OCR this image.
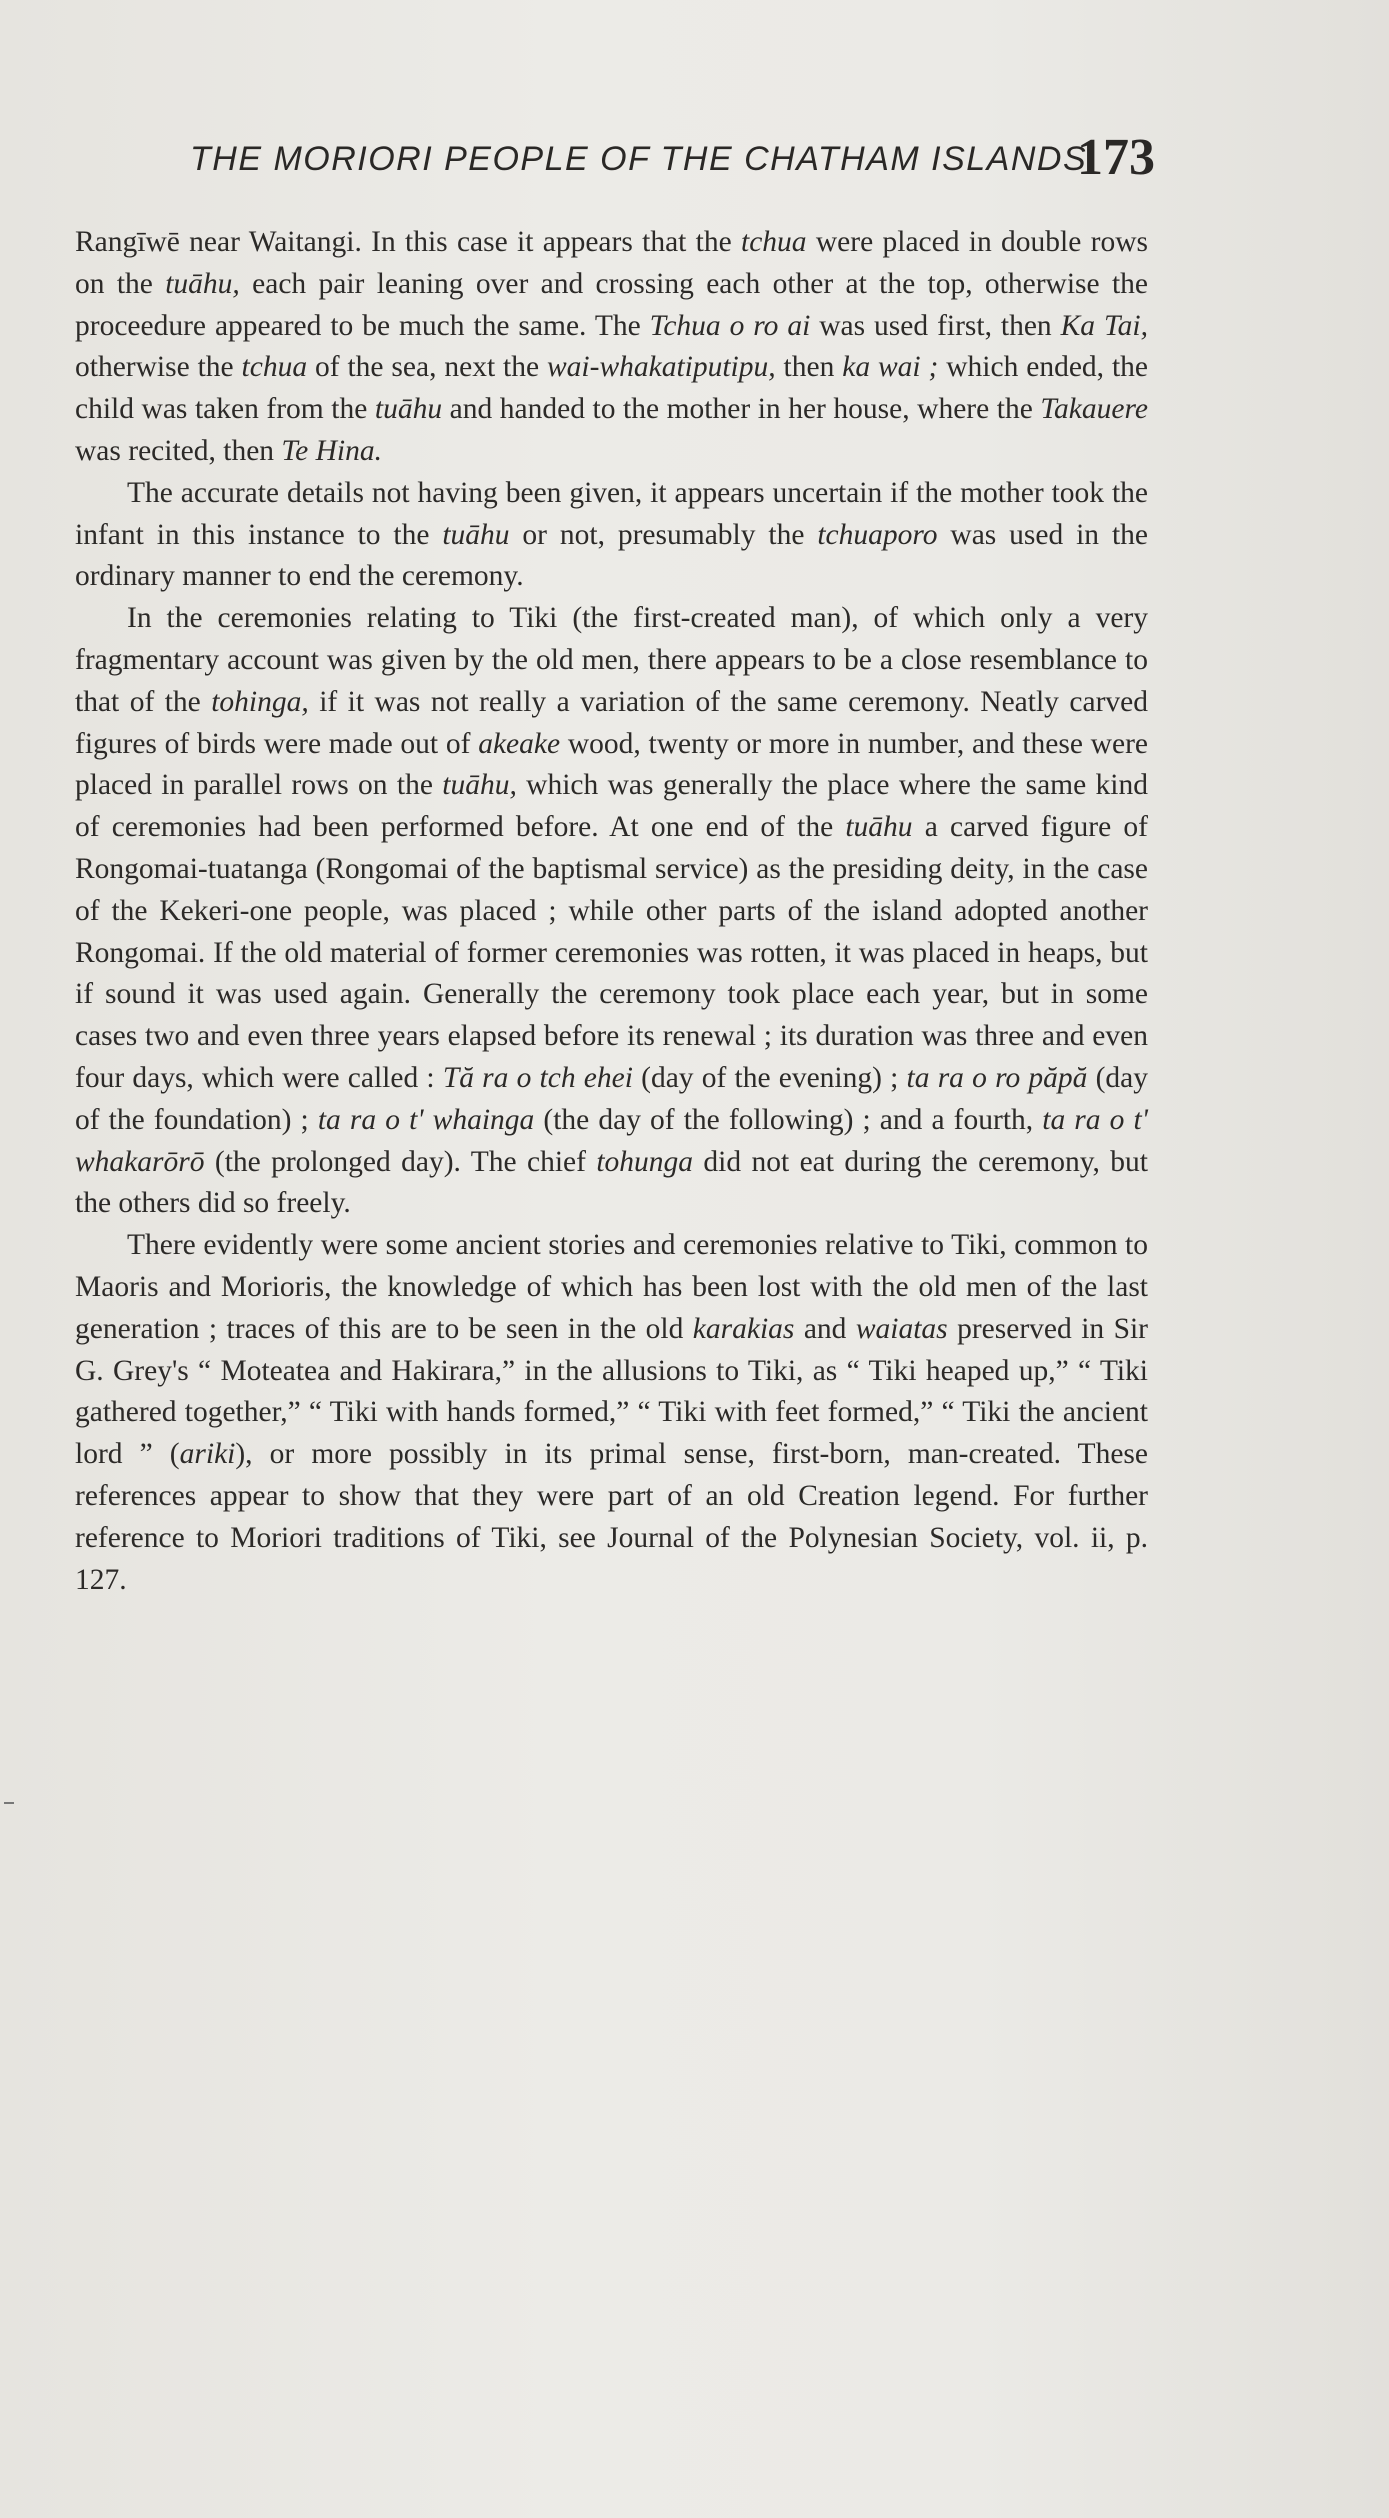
THE MORIORI PEOPLE OF THE CHATHAM ISLANDS.
173

Rangīwē near Waitangi. In this case it appears that the tchua were placed in double rows on the tuāhu, each pair leaning over and crossing each other at the top, otherwise the proceedure appeared to be much the same. The Tchua o ro ai was used first, then Ka Tai, otherwise the tchua of the sea, next the wai-whakatiputipu, then ka wai ; which ended, the child was taken from the tuāhu and handed to the mother in her house, where the Takauere was recited, then Te Hina.

The accurate details not having been given, it appears uncertain if the mother took the infant in this instance to the tuāhu or not, presumably the tchuaporo was used in the ordinary manner to end the ceremony.

In the ceremonies relating to Tiki (the first-created man), of which only a very fragmentary account was given by the old men, there appears to be a close resemblance to that of the tohinga, if it was not really a variation of the same ceremony. Neatly carved figures of birds were made out of akeake wood, twenty or more in number, and these were placed in parallel rows on the tuāhu, which was generally the place where the same kind of ceremonies had been performed before. At one end of the tuāhu a carved figure of Rongomai-tuatanga (Rongomai of the baptismal service) as the presiding deity, in the case of the Kekeri-one people, was placed ; while other parts of the island adopted another Rongomai. If the old material of former ceremonies was rotten, it was placed in heaps, but if sound it was used again. Generally the ceremony took place each year, but in some cases two and even three years elapsed before its renewal ; its duration was three and even four days, which were called : Tă ra o tch ehei (day of the evening) ; ta ra o ro păpă (day of the foundation) ; ta ra o t' whainga (the day of the following) ; and a fourth, ta ra o t' whakarōrō (the prolonged day). The chief tohunga did not eat during the ceremony, but the others did so freely.

There evidently were some ancient stories and ceremonies relative to Tiki, common to Maoris and Morioris, the knowledge of which has been lost with the old men of the last generation ; traces of this are to be seen in the old karakias and waiatas preserved in Sir G. Grey's “ Moteatea and Hakirara,” in the allusions to Tiki, as “ Tiki heaped up,” “ Tiki gathered together,” “ Tiki with hands formed,” “ Tiki with feet formed,” “ Tiki the ancient lord ” (ariki), or more possibly in its primal sense, first-born, man-created. These references appear to show that they were part of an old Creation legend. For further reference to Moriori traditions of Tiki, see Journal of the Polynesian Society, vol. ii, p. 127.
